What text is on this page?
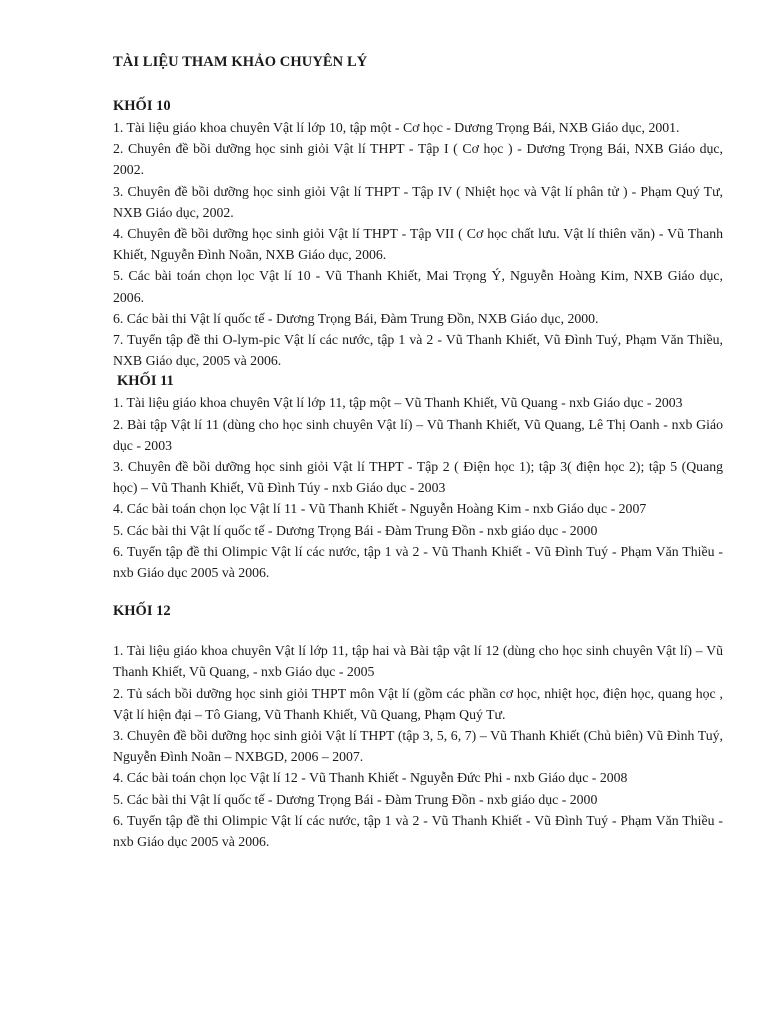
TÀI LIỆU THAM KHẢO CHUYÊN LÝ

KHỐI 10

1. Tài liệu giáo khoa chuyên Vật lí lớp 10, tập một - Cơ học - Dương Trọng Bái, NXB Giáo dục, 2001.
2. Chuyên đề bồi dưỡng học sinh giỏi Vật lí THPT - Tập I ( Cơ học ) - Dương Trọng Bái, NXB Giáo dục, 2002.
3. Chuyên đề bồi dưỡng học sinh giỏi Vật lí THPT - Tập IV ( Nhiệt học và Vật lí phân tử ) - Phạm Quý Tư, NXB Giáo dục, 2002.
4. Chuyên đề bồi dưỡng học sinh giỏi Vật lí THPT - Tập VII ( Cơ học chất lưu. Vật lí thiên văn) - Vũ Thanh Khiết, Nguyễn Đình Noãn, NXB Giáo dục, 2006.
5. Các bài toán chọn lọc Vật lí 10 - Vũ Thanh Khiết, Mai Trọng Ý, Nguyễn Hoàng Kim, NXB Giáo dục, 2006.
6. Các bài thi Vật lí quốc tế - Dương Trọng Bái, Đàm Trung Đồn, NXB Giáo dục, 2000.
7. Tuyển tập đề thi O-lym-pic Vật lí các nước, tập 1 và 2 - Vũ Thanh Khiết, Vũ Đình Tuý, Phạm Văn Thiều, NXB Giáo dục, 2005 và 2006.

KHỐI 11

1. Tài liệu giáo khoa chuyên Vật lí lớp 11, tập một – Vũ Thanh Khiết, Vũ Quang - nxb Giáo dục - 2003
2. Bài tập Vật lí 11 (dùng cho học sinh chuyên Vật lí) – Vũ Thanh Khiết, Vũ Quang, Lê Thị Oanh - nxb Giáo dục - 2003
3. Chuyên đề bồi dưỡng học sinh giỏi Vật lí THPT - Tập 2 ( Điện học 1); tập 3( điện học 2); tập 5 (Quang học) – Vũ Thanh Khiết, Vũ Đình Túy - nxb Giáo dục - 2003
4. Các bài toán chọn lọc Vật lí 11 - Vũ Thanh Khiết - Nguyễn Hoàng Kim - nxb Giáo dục - 2007
5. Các bài thi Vật lí quốc tế - Dương Trọng Bái - Đàm Trung Đồn - nxb giáo dục - 2000
6. Tuyển tập đề thi Olimpic Vật lí các nước, tập 1 và 2 - Vũ Thanh Khiết - Vũ Đình Tuý - Phạm Văn Thiều - nxb Giáo dục 2005 và 2006.

KHỐI 12

1. Tài liệu giáo khoa chuyên Vật lí lớp 11, tập hai và Bài tập vật lí 12 (dùng cho học sinh chuyên Vật lí) – Vũ Thanh Khiết, Vũ Quang, - nxb Giáo dục - 2005
2. Tủ sách bồi dưỡng học sinh giỏi THPT môn Vật lí (gồm các phần cơ học, nhiệt học, điện học, quang học , Vật lí hiện đại – Tô Giang, Vũ Thanh Khiết, Vũ Quang, Phạm Quý Tư.
3. Chuyên đề bồi dưỡng học sinh giỏi Vật lí THPT (tập 3, 5, 6, 7) – Vũ Thanh Khiết (Chủ biên) Vũ Đình Tuý, Nguyễn Đình Noãn – NXBGD, 2006 – 2007.
4. Các bài toán chọn lọc Vật lí 12 - Vũ Thanh Khiết - Nguyễn Đức Phi - nxb Giáo dục - 2008
5. Các bài thi Vật lí quốc tế - Dương Trọng Bái - Đàm Trung Đồn - nxb giáo dục - 2000
6. Tuyển tập đề thi Olimpic Vật lí các nước, tập 1 và 2 - Vũ Thanh Khiết - Vũ Đình Tuý - Phạm Văn Thiều - nxb Giáo dục 2005 và 2006.
